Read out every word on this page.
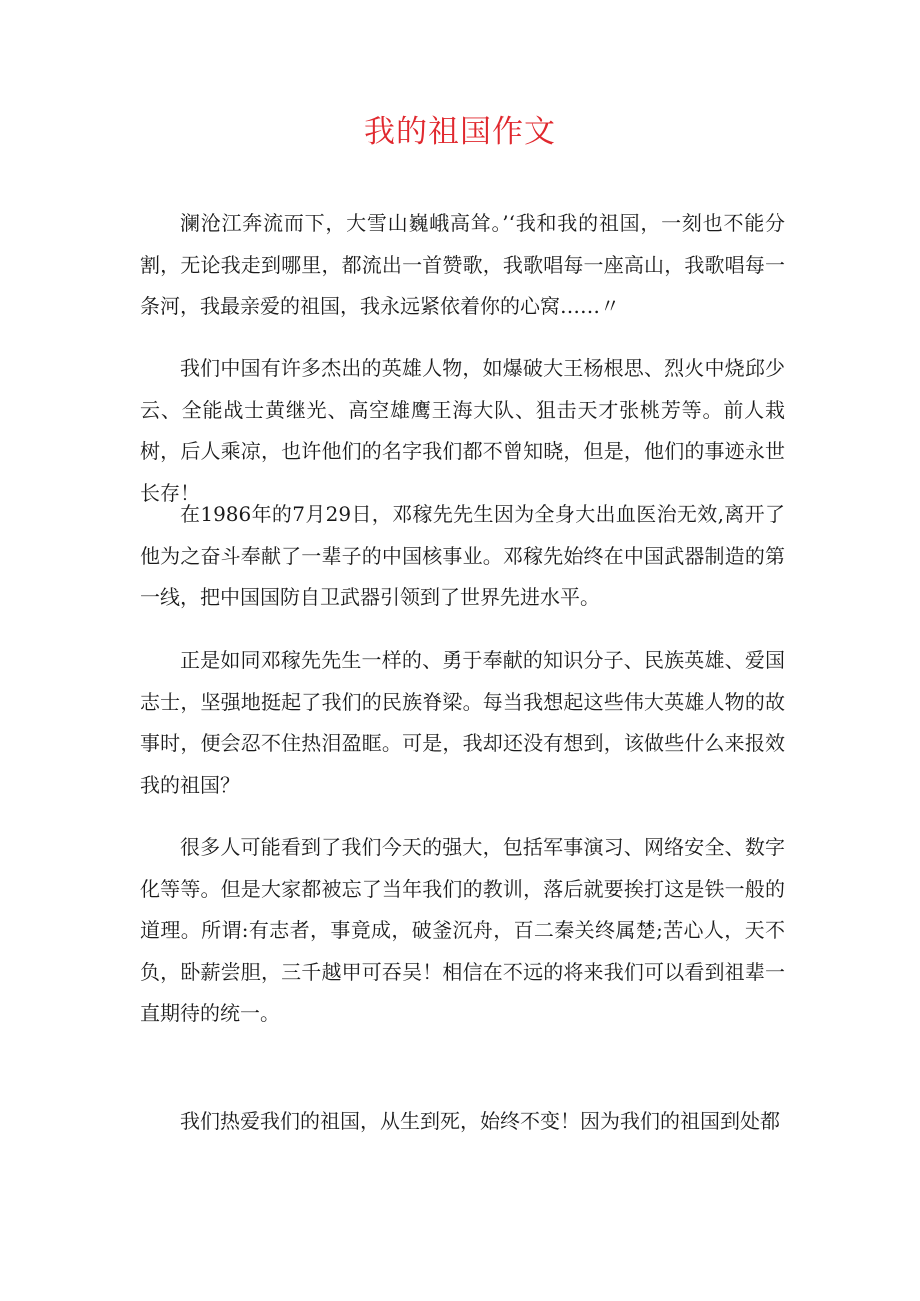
我的祖国作文

澜沧江奔流而下，大雪山巍峨高耸。’‘我和我的祖国，一刻也不能分割，无论我走到哪里，都流出一首赞歌，我歌唱每一座高山，我歌唱每一条河，我最亲爱的祖国，我永远紧依着你的心窝……〃

我们中国有许多杰出的英雄人物，如爆破大王杨根思、烈火中烧邱少云、全能战士黄继光、高空雄鹰王海大队、狙击天才张桃芳等。前人栽树，后人乘凉，也许他们的名字我们都不曾知晓，但是，他们的事迹永世长存！

在1986年的7月29日，邓稼先先生因为全身大出血医治无效,离开了他为之奋斗奉献了一辈子的中国核事业。邓稼先始终在中国武器制造的第一线，把中国国防自卫武器引领到了世界先进水平。

正是如同邓稼先先生一样的、勇于奉献的知识分子、民族英雄、爱国志士，坚强地挺起了我们的民族脊梁。每当我想起这些伟大英雄人物的故事时，便会忍不住热泪盈眶。可是，我却还没有想到，该做些什么来报效我的祖国？

很多人可能看到了我们今天的强大，包括军事演习、网络安全、数字化等等。但是大家都被忘了当年我们的教训，落后就要挨打这是铁一般的道理。所谓:有志者，事竟成，破釜沉舟，百二秦关终属楚;苦心人，天不负，卧薪尝胆，三千越甲可吞吴！相信在不远的将来我们可以看到祖辈一直期待的统一。

我们热爱我们的祖国，从生到死，始终不变！因为我们的祖国到处都
